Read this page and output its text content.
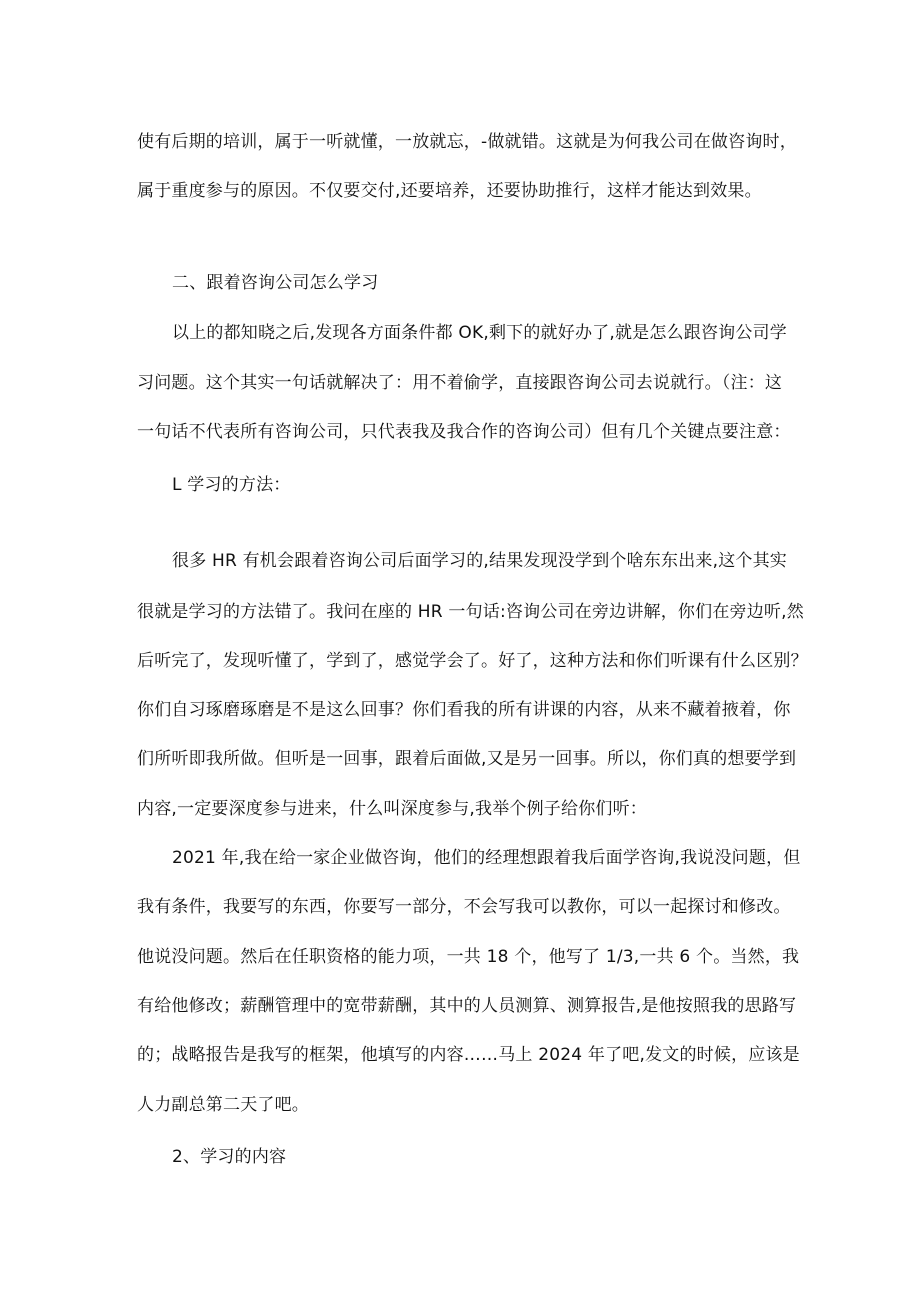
使有后期的培训，属于一听就懂，一放就忘，-做就错。这就是为何我公司在做咨询时，
属于重度参与的原因。不仅要交付,还要培养，还要协助推行，这样才能达到效果。
二、跟着咨询公司怎么学习
以上的都知晓之后,发现各方面条件都 OK,剩下的就好办了,就是怎么跟咨询公司学
习问题。这个其实一句话就解决了：用不着偷学，直接跟咨询公司去说就行。（注：这
一句话不代表所有咨询公司，只代表我及我合作的咨询公司）但有几个关键点要注意：
L 学习的方法：
很多 HR 有机会跟着咨询公司后面学习的,结果发现没学到个啥东东出来,这个其实
很就是学习的方法错了。我问在座的 HR 一句话:咨询公司在旁边讲解，你们在旁边听,然
后听完了，发现听懂了，学到了，感觉学会了。好了，这种方法和你们听课有什么区别？
你们自习琢磨琢磨是不是这么回事？你们看我的所有讲课的内容，从来不藏着掖着，你
们所听即我所做。但听是一回事，跟着后面做,又是另一回事。所以，你们真的想要学到
内容,一定要深度参与进来，什么叫深度参与,我举个例子给你们听：
2021 年,我在给一家企业做咨询，他们的经理想跟着我后面学咨询,我说没问题，但
我有条件，我要写的东西，你要写一部分，不会写我可以教你，可以一起探讨和修改。
他说没问题。然后在任职资格的能力项，一共 18 个，他写了 1/3,一共 6 个。当然，我
有给他修改；薪酬管理中的宽带薪酬，其中的人员测算、测算报告,是他按照我的思路写
的；战略报告是我写的框架，他填写的内容……马上 2024 年了吧,发文的时候，应该是
人力副总第二天了吧。
2、学习的内容
